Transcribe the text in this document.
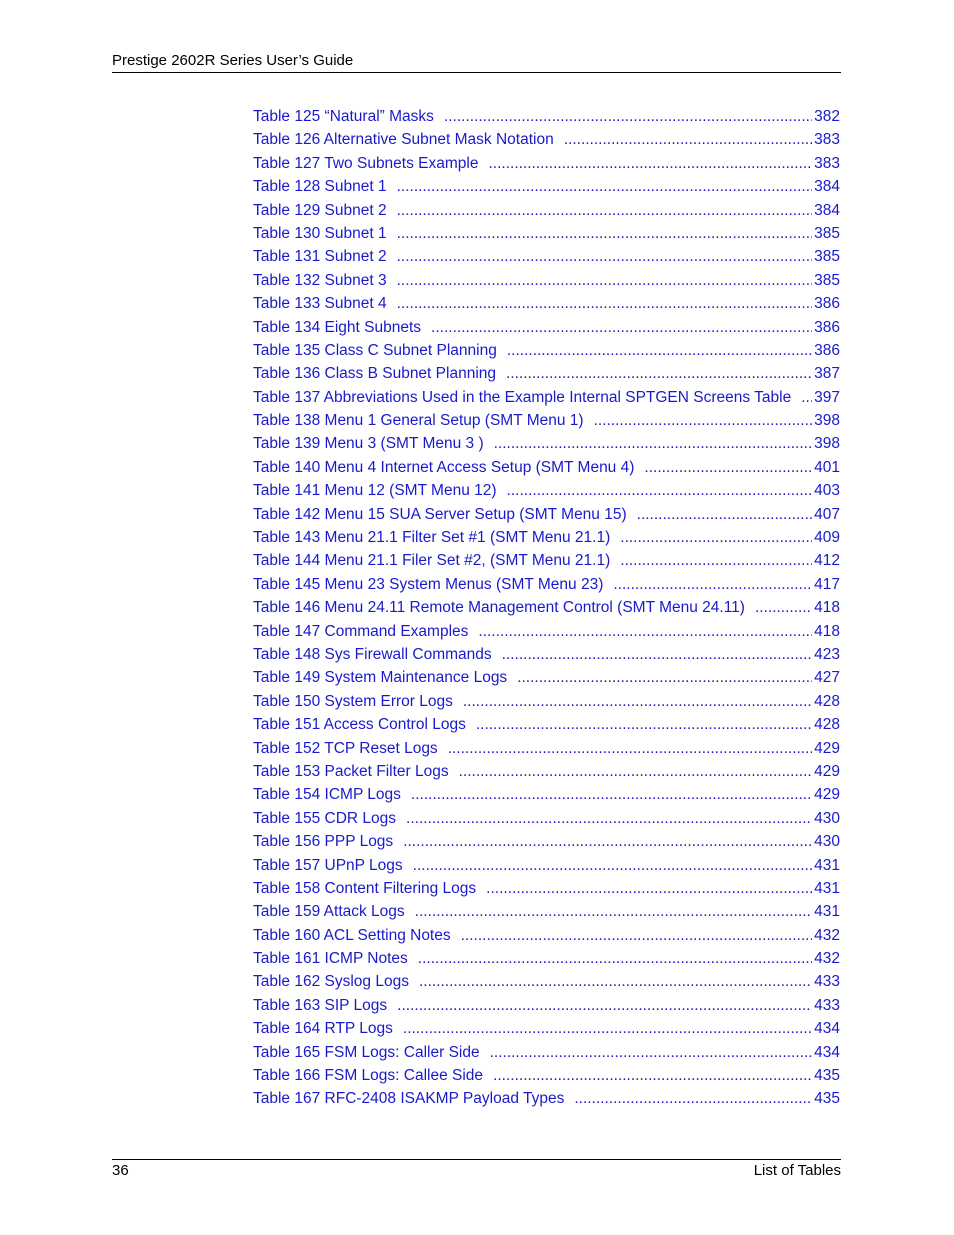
Prestige 2602R Series User’s Guide
Table 125 “Natural” Masks .....	382
Table 126 Alternative Subnet Mask Notation .....	383
Table 127 Two Subnets Example .....	383
Table 128 Subnet 1 .....	384
Table 129 Subnet 2 .....	384
Table 130 Subnet 1 .....	385
Table 131 Subnet 2 .....	385
Table 132 Subnet 3 .....	385
Table 133 Subnet 4 .....	386
Table 134 Eight Subnets .....	386
Table 135 Class C Subnet Planning .....	386
Table 136 Class B Subnet Planning .....	387
Table 137 Abbreviations Used in the Example Internal SPTGEN Screens Table .....	397
Table 138 Menu 1 General Setup (SMT Menu 1) .....	398
Table 139 Menu 3 (SMT Menu 3 ) .....	398
Table 140 Menu 4 Internet Access Setup (SMT Menu 4) .....	401
Table 141 Menu 12 (SMT Menu 12) .....	403
Table 142 Menu 15 SUA Server Setup (SMT Menu 15) .....	407
Table 143 Menu 21.1 Filter Set #1 (SMT Menu 21.1) .....	409
Table 144 Menu 21.1 Filer Set #2, (SMT Menu 21.1) .....	412
Table 145 Menu 23 System Menus (SMT Menu 23) .....	417
Table 146 Menu 24.11 Remote Management Control (SMT Menu 24.11) .....	418
Table 147 Command Examples .....	418
Table 148 Sys Firewall Commands .....	423
Table 149 System Maintenance Logs .....	427
Table 150 System Error Logs .....	428
Table 151 Access Control Logs .....	428
Table 152 TCP Reset Logs .....	429
Table 153 Packet Filter Logs .....	429
Table 154 ICMP Logs .....	429
Table 155 CDR Logs .....	430
Table 156 PPP Logs .....	430
Table 157 UPnP Logs .....	431
Table 158 Content Filtering Logs .....	431
Table 159 Attack Logs .....	431
Table 160 ACL Setting Notes .....	432
Table 161 ICMP Notes .....	432
Table 162 Syslog Logs .....	433
Table 163 SIP Logs .....	433
Table 164 RTP Logs .....	434
Table 165 FSM Logs: Caller Side .....	434
Table 166 FSM Logs: Callee Side .....	435
Table 167 RFC-2408 ISAKMP Payload Types .....	435
36	List of Tables
